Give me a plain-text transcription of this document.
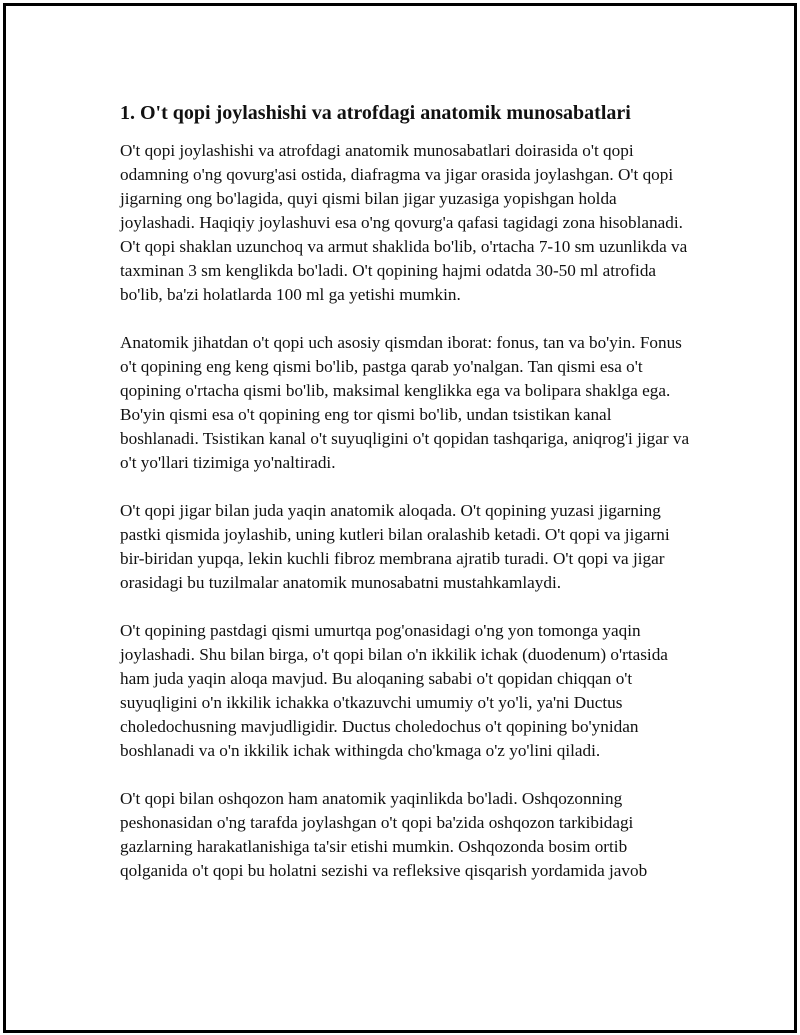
1. O't qopi joylashishi va atrofdagi anatomik munosabatlari

O't qopi joylashishi va atrofdagi anatomik munosabatlari doirasida o't qopi odamning o'ng qovurg'asi ostida, diafragma va jigar orasida joylashgan. O't qopi jigarning ong bo'lagida, quyi qismi bilan jigar yuzasiga yopishgan holda joylashadi. Haqiqiy joylashuvi esa o'ng qovurg'a qafasi tagidagi zona hisoblanadi. O't qopi shaklan uzunchoq va armut shaklida bo'lib, o'rtacha 7-10 sm uzunlikda va taxminan 3 sm kenglikda bo'ladi. O't qopining hajmi odatda 30-50 ml atrofida bo'lib, ba'zi holatlarda 100 ml ga yetishi mumkin.

Anatomik jihatdan o't qopi uch asosiy qismdan iborat: fonus, tan va bo'yin. Fonus o't qopining eng keng qismi bo'lib, pastga qarab yo'nalgan. Tan qismi esa o't qopining o'rtacha qismi bo'lib, maksimal kenglikka ega va bolipara shaklga ega. Bo'yin qismi esa o't qopining eng tor qismi bo'lib, undan tsistikan kanal boshlanadi. Tsistikan kanal o't suyuqligini o't qopidan tashqariga, aniqrog'i jigar va o't yo'llari tizimiga yo'naltiradi.

O't qopi jigar bilan juda yaqin anatomik aloqada. O't qopining yuzasi jigarning pastki qismida joylashib, uning kutleri bilan oralashib ketadi. O't qopi va jigarni bir-biridan yupqa, lekin kuchli fibroz membrana ajratib turadi. O't qopi va jigar orasidagi bu tuzilmalar anatomik munosabatni mustahkamlaydi.

O't qopining pastdagi qismi umurtqa pog'onasidagi o'ng yon tomonga yaqin joylashadi. Shu bilan birga, o't qopi bilan o'n ikkilik ichak (duodenum) o'rtasida ham juda yaqin aloqa mavjud. Bu aloqaning sababi o't qopidan chiqqan o't suyuqligini o'n ikkilik ichakka o'tkazuvchi umumiy o't yo'li, ya'ni Ductus choledochusning mavjudligidir. Ductus choledochus o't qopining bo'ynidan boshlanadi va o'n ikkilik ichak withingda cho'kmaga o'z yo'lini qiladi.

O't qopi bilan oshqozon ham anatomik yaqinlikda bo'ladi. Oshqozonning peshonasidan o'ng tarafda joylashgan o't qopi ba'zida oshqozon tarkibidagi gazlarning harakatlanishiga ta'sir etishi mumkin. Oshqozonda bosim ortib qolganida o't qopi bu holatni sezishi va refleksive qisqarish yordamida javob
